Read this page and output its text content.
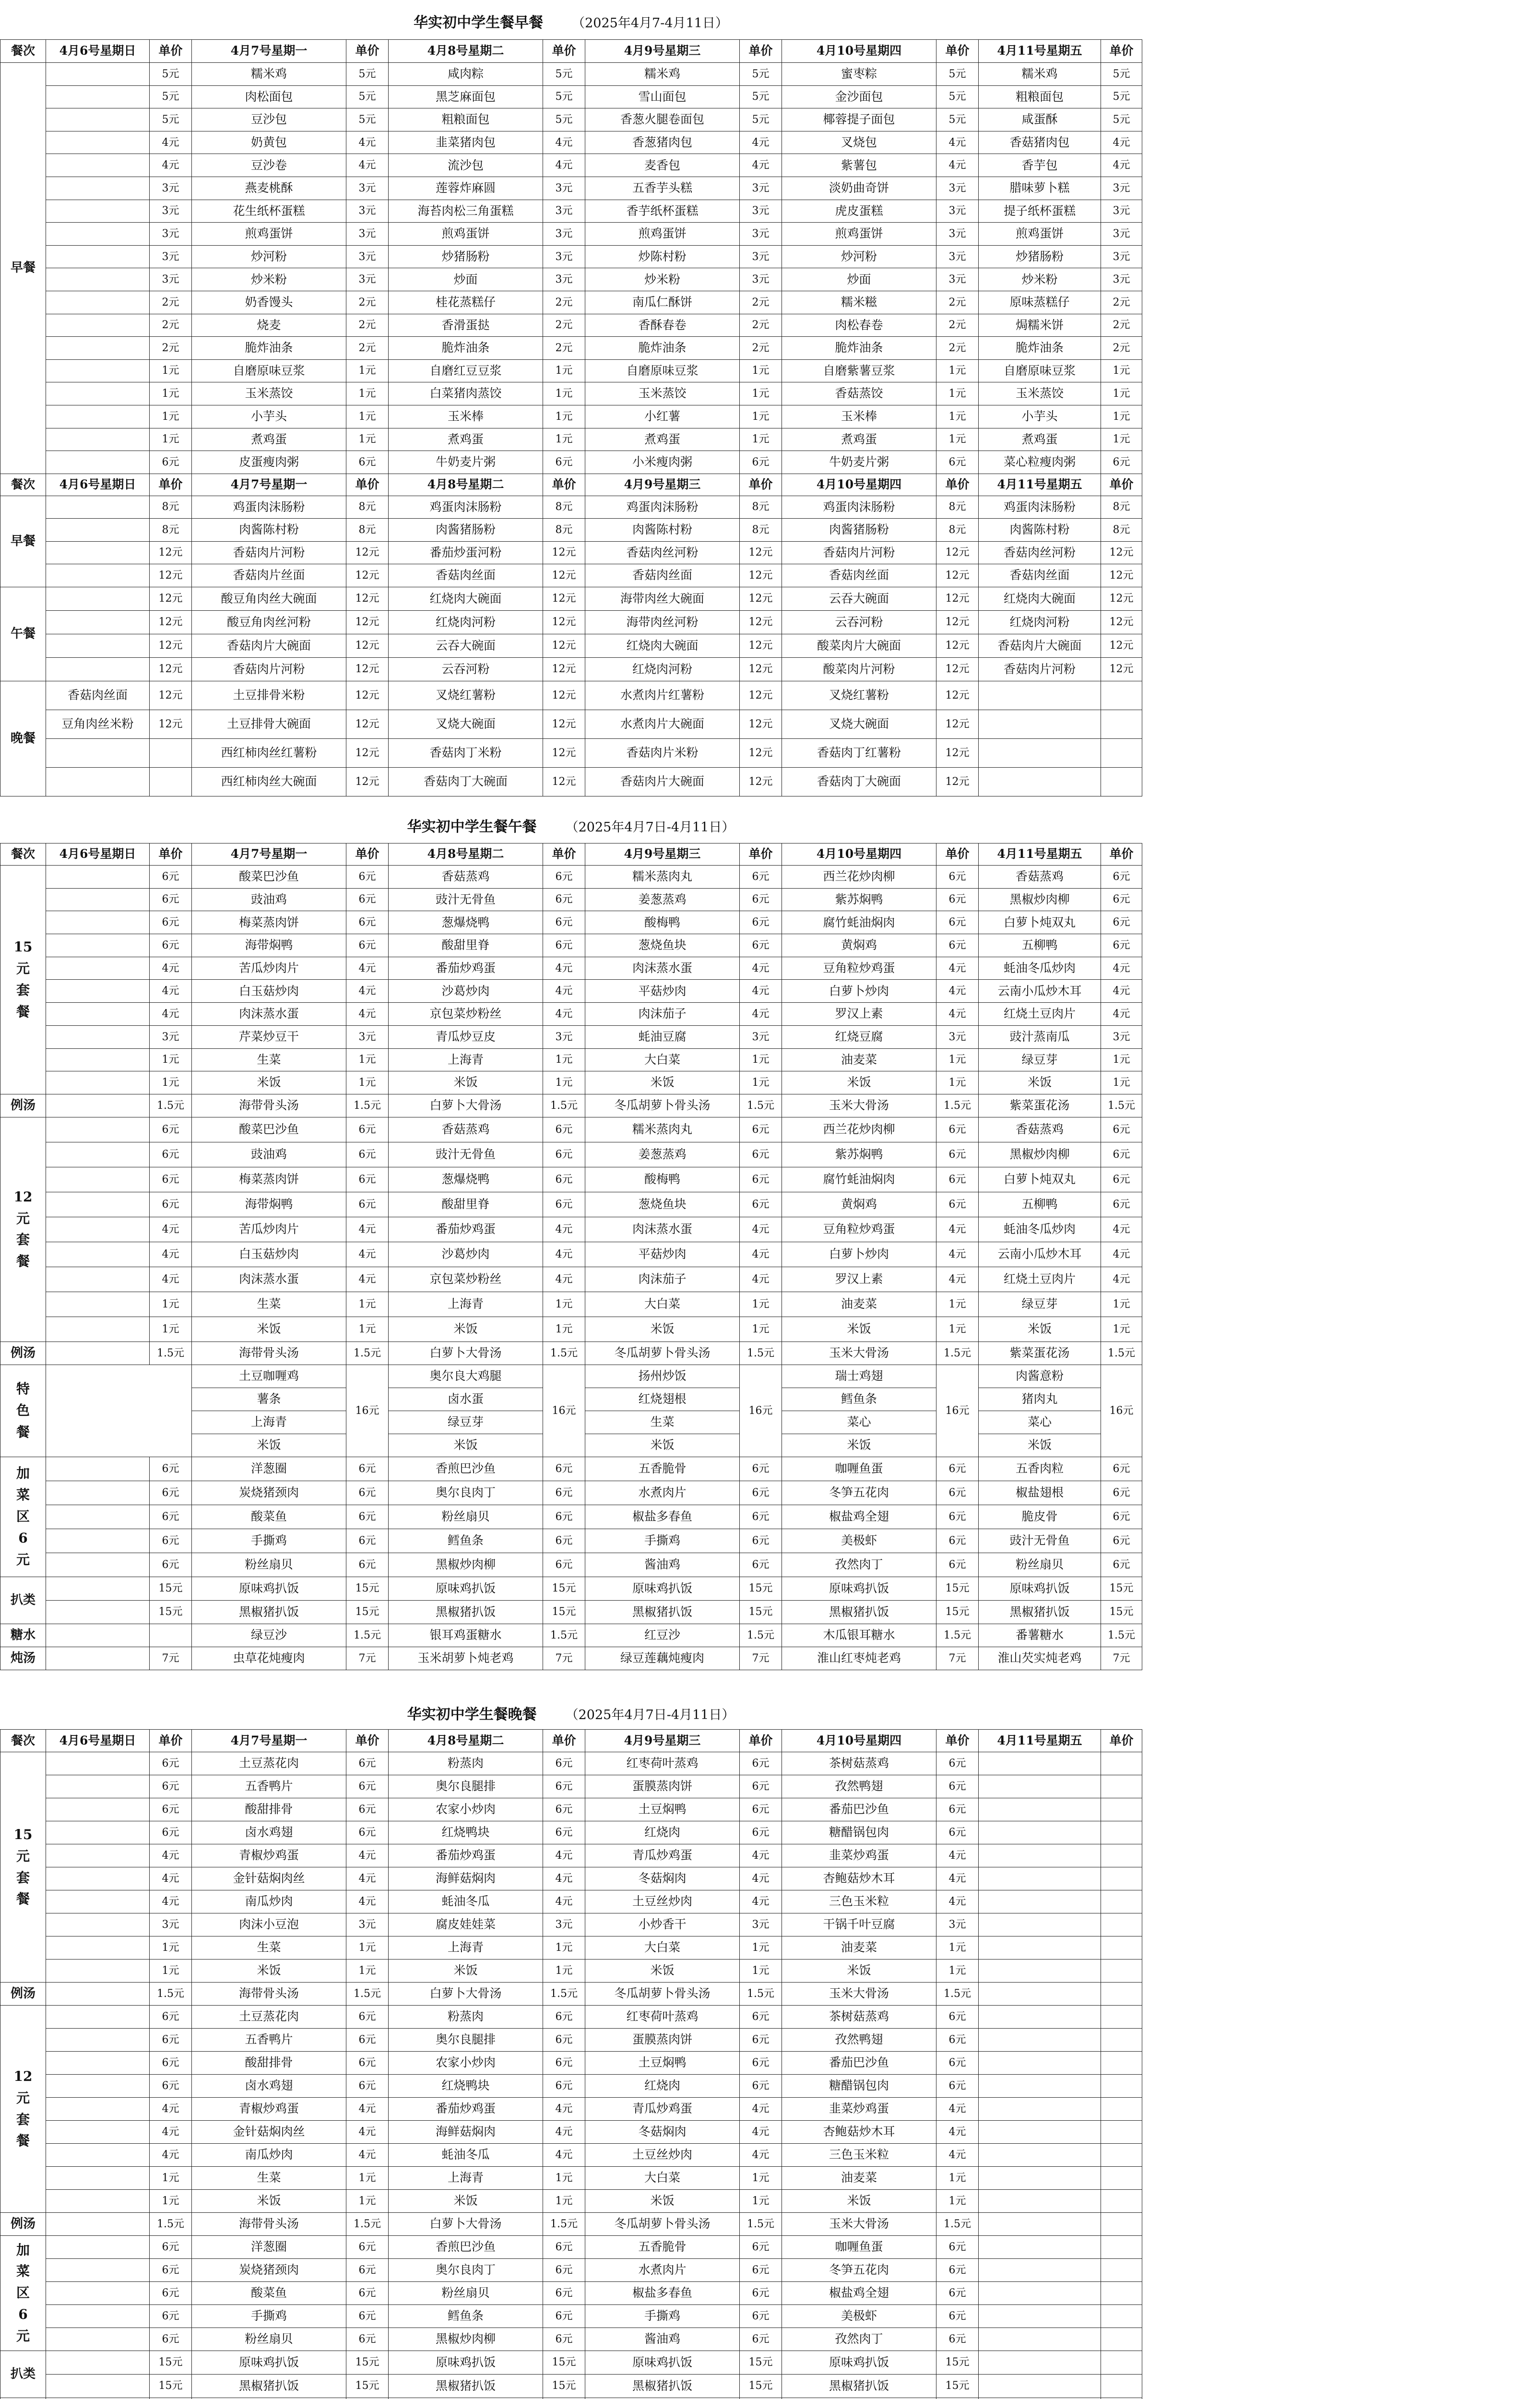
华实初中学生餐早餐 （2025年4月7-4月11日）
餐次	4月6号星期日	单价	4月7号星期一	单价	4月8号星期二	单价	4月9号星期三	单价	4月10号星期四	单价	4月11号星期五	单价
早餐		5元	糯米鸡	5元	咸肉粽	5元	糯米鸡	5元	蜜枣粽	5元	糯米鸡	5元
		5元	肉松面包	5元	黑芝麻面包	5元	雪山面包	5元	金沙面包	5元	粗粮面包	5元
		5元	豆沙包	5元	粗粮面包	5元	香葱火腿卷面包	5元	椰蓉提子面包	5元	咸蛋酥	5元
		4元	奶黄包	4元	韭菜猪肉包	4元	香葱猪肉包	4元	叉烧包	4元	香菇猪肉包	4元
		4元	豆沙卷	4元	流沙包	4元	麦香包	4元	紫薯包	4元	香芋包	4元
		3元	燕麦桃酥	3元	莲蓉炸麻圆	3元	五香芋头糕	3元	淡奶曲奇饼	3元	腊味萝卜糕	3元
		3元	花生纸杯蛋糕	3元	海苔肉松三角蛋糕	3元	香芋纸杯蛋糕	3元	虎皮蛋糕	3元	提子纸杯蛋糕	3元
		3元	煎鸡蛋饼	3元	煎鸡蛋饼	3元	煎鸡蛋饼	3元	煎鸡蛋饼	3元	煎鸡蛋饼	3元
		3元	炒河粉	3元	炒猪肠粉	3元	炒陈村粉	3元	炒河粉	3元	炒猪肠粉	3元
		3元	炒米粉	3元	炒面	3元	炒米粉	3元	炒面	3元	炒米粉	3元
		2元	奶香馒头	2元	桂花蒸糕仔	2元	南瓜仁酥饼	2元	糯米糍	2元	原味蒸糕仔	2元
		2元	烧麦	2元	香滑蛋挞	2元	香酥春卷	2元	肉松春卷	2元	焗糯米饼	2元
		2元	脆炸油条	2元	脆炸油条	2元	脆炸油条	2元	脆炸油条	2元	脆炸油条	2元
		1元	自磨原味豆浆	1元	自磨红豆豆浆	1元	自磨原味豆浆	1元	自磨紫薯豆浆	1元	自磨原味豆浆	1元
		1元	玉米蒸饺	1元	白菜猪肉蒸饺	1元	玉米蒸饺	1元	香菇蒸饺	1元	玉米蒸饺	1元
		1元	小芋头	1元	玉米棒	1元	小红薯	1元	玉米棒	1元	小芋头	1元
		1元	煮鸡蛋	1元	煮鸡蛋	1元	煮鸡蛋	1元	煮鸡蛋	1元	煮鸡蛋	1元
		6元	皮蛋瘦肉粥	6元	牛奶麦片粥	6元	小米瘦肉粥	6元	牛奶麦片粥	6元	菜心粒瘦肉粥	6元
餐次	4月6号星期日	单价	4月7号星期一	单价	4月8号星期二	单价	4月9号星期三	单价	4月10号星期四	单价	4月11号星期五	单价
早餐		8元	鸡蛋肉沫肠粉	8元	鸡蛋肉沫肠粉	8元	鸡蛋肉沫肠粉	8元	鸡蛋肉沫肠粉	8元	鸡蛋肉沫肠粉	8元
		8元	肉酱陈村粉	8元	肉酱猪肠粉	8元	肉酱陈村粉	8元	肉酱猪肠粉	8元	肉酱陈村粉	8元
		12元	香菇肉片河粉	12元	番茄炒蛋河粉	12元	香菇肉丝河粉	12元	香菇肉片河粉	12元	香菇肉丝河粉	12元
		12元	香菇肉片丝面	12元	香菇肉丝面	12元	香菇肉丝面	12元	香菇肉丝面	12元	香菇肉丝面	12元
午餐		12元	酸豆角肉丝大碗面	12元	红烧肉大碗面	12元	海带肉丝大碗面	12元	云吞大碗面	12元	红烧肉大碗面	12元
		12元	酸豆角肉丝河粉	12元	红烧肉河粉	12元	海带肉丝河粉	12元	云吞河粉	12元	红烧肉河粉	12元
		12元	香菇肉片大碗面	12元	云吞大碗面	12元	红烧肉大碗面	12元	酸菜肉片大碗面	12元	香菇肉片大碗面	12元
		12元	香菇肉片河粉	12元	云吞河粉	12元	红烧肉河粉	12元	酸菜肉片河粉	12元	香菇肉片河粉	12元
晚餐	香菇肉丝面	12元	土豆排骨米粉	12元	叉烧红薯粉	12元	水煮肉片红薯粉	12元	叉烧红薯粉	12元		
	豆角肉丝米粉	12元	土豆排骨大碗面	12元	叉烧大碗面	12元	水煮肉片大碗面	12元	叉烧大碗面	12元		
			西红柿肉丝红薯粉	12元	香菇肉丁米粉	12元	香菇肉片米粉	12元	香菇肉丁红薯粉	12元		
			西红柿肉丝大碗面	12元	香菇肉丁大碗面	12元	香菇肉片大碗面	12元	香菇肉丁大碗面	12元		
华实初中学生餐午餐 （2025年4月7日-4月11日）
餐次	4月6号星期日	单价	4月7号星期一	单价	4月8号星期二	单价	4月9号星期三	单价	4月10号星期四	单价	4月11号星期五	单价

15
元
套
餐		6元	酸菜巴沙鱼	6元	香菇蒸鸡	6元	糯米蒸肉丸	6元	西兰花炒肉柳	6元	香菇蒸鸡	6元
		6元	豉油鸡	6元	豉汁无骨鱼	6元	姜葱蒸鸡	6元	紫苏焖鸭	6元	黑椒炒肉柳	6元
		6元	梅菜蒸肉饼	6元	葱爆烧鸭	6元	酸梅鸭	6元	腐竹蚝油焖肉	6元	白萝卜炖双丸	6元
		6元	海带焖鸭	6元	酸甜里脊	6元	葱烧鱼块	6元	黄焖鸡	6元	五柳鸭	6元
		4元	苦瓜炒肉片	4元	番茄炒鸡蛋	4元	肉沫蒸水蛋	4元	豆角粒炒鸡蛋	4元	蚝油冬瓜炒肉	4元
		4元	白玉菇炒肉	4元	沙葛炒肉	4元	平菇炒肉	4元	白萝卜炒肉	4元	云南小瓜炒木耳	4元
		4元	肉沫蒸水蛋	4元	京包菜炒粉丝	4元	肉沫茄子	4元	罗汉上素	4元	红烧土豆肉片	4元
		3元	芹菜炒豆干	3元	青瓜炒豆皮	3元	蚝油豆腐	3元	红烧豆腐	3元	豉汁蒸南瓜	3元
		1元	生菜	1元	上海青	1元	大白菜	1元	油麦菜	1元	绿豆芽	1元
		1元	米饭	1元	米饭	1元	米饭	1元	米饭	1元	米饭	1元
例汤		1.5元	海带骨头汤	1.5元	白萝卜大骨汤	1.5元	冬瓜胡萝卜骨头汤	1.5元	玉米大骨汤	1.5元	紫菜蛋花汤	1.5元

12
元
套
餐		6元	酸菜巴沙鱼	6元	香菇蒸鸡	6元	糯米蒸肉丸	6元	西兰花炒肉柳	6元	香菇蒸鸡	6元
		6元	豉油鸡	6元	豉汁无骨鱼	6元	姜葱蒸鸡	6元	紫苏焖鸭	6元	黑椒炒肉柳	6元
		6元	梅菜蒸肉饼	6元	葱爆烧鸭	6元	酸梅鸭	6元	腐竹蚝油焖肉	6元	白萝卜炖双丸	6元
		6元	海带焖鸭	6元	酸甜里脊	6元	葱烧鱼块	6元	黄焖鸡	6元	五柳鸭	6元
		4元	苦瓜炒肉片	4元	番茄炒鸡蛋	4元	肉沫蒸水蛋	4元	豆角粒炒鸡蛋	4元	蚝油冬瓜炒肉	4元
		4元	白玉菇炒肉	4元	沙葛炒肉	4元	平菇炒肉	4元	白萝卜炒肉	4元	云南小瓜炒木耳	4元
		4元	肉沫蒸水蛋	4元	京包菜炒粉丝	4元	肉沫茄子	4元	罗汉上素	4元	红烧土豆肉片	4元
		1元	生菜	1元	上海青	1元	大白菜	1元	油麦菜	1元	绿豆芽	1元
		1元	米饭	1元	米饭	1元	米饭	1元	米饭	1元	米饭	1元
例汤		1.5元	海带骨头汤	1.5元	白萝卜大骨汤	1.5元	冬瓜胡萝卜骨头汤	1.5元	玉米大骨汤	1.5元	紫菜蛋花汤	1.5元

特
色
餐			土豆咖喱鸡	16元	奥尔良大鸡腿	16元	扬州炒饭	16元	瑞士鸡翅	16元	肉酱意粉	16元
			薯条		卤水蛋		红烧翅根		鳕鱼条		猪肉丸	
			上海青		绿豆芽		生菜		菜心		菜心	
			米饭		米饭		米饭		米饭		米饭	

加
菜
区
6
元		6元	洋葱圈	6元	香煎巴沙鱼	6元	五香脆骨	6元	咖喱鱼蛋	6元	五香肉粒	6元
		6元	炭烧猪颈肉	6元	奥尔良肉丁	6元	水煮肉片	6元	冬笋五花肉	6元	椒盐翅根	6元
		6元	酸菜鱼	6元	粉丝扇贝	6元	椒盐多春鱼	6元	椒盐鸡全翅	6元	脆皮骨	6元
		6元	手撕鸡	6元	鳕鱼条	6元	手撕鸡	6元	美极虾	6元	豉汁无骨鱼	6元
		6元	粉丝扇贝	6元	黑椒炒肉柳	6元	酱油鸡	6元	孜然肉丁	6元	粉丝扇贝	6元
扒类		15元	原味鸡扒饭	15元	原味鸡扒饭	15元	原味鸡扒饭	15元	原味鸡扒饭	15元	原味鸡扒饭	15元
		15元	黑椒猪扒饭	15元	黑椒猪扒饭	15元	黑椒猪扒饭	15元	黑椒猪扒饭	15元	黑椒猪扒饭	15元
糖水			绿豆沙	1.5元	银耳鸡蛋糖水	1.5元	红豆沙	1.5元	木瓜银耳糖水	1.5元	番薯糖水	1.5元
炖汤		7元	虫草花炖瘦肉	7元	玉米胡萝卜炖老鸡	7元	绿豆莲藕炖瘦肉	7元	淮山红枣炖老鸡	7元	淮山芡实炖老鸡	7元
华实初中学生餐晚餐 （2025年4月7日-4月11日）
餐次	4月6号星期日	单价	4月7号星期一	单价	4月8号星期二	单价	4月9号星期三	单价	4月10号星期四	单价	4月11号星期五	单价

15
元
套
餐		6元	土豆蒸花肉	6元	粉蒸肉	6元	红枣荷叶蒸鸡	6元	茶树菇蒸鸡	6元		
		6元	五香鸭片	6元	奥尔良腿排	6元	蛋膜蒸肉饼	6元	孜然鸭翅	6元		
		6元	酸甜排骨	6元	农家小炒肉	6元	土豆焖鸭	6元	番茄巴沙鱼	6元		
		6元	卤水鸡翅	6元	红烧鸭块	6元	红烧肉	6元	糖醋锅包肉	6元		
		4元	青椒炒鸡蛋	4元	番茄炒鸡蛋	4元	青瓜炒鸡蛋	4元	韭菜炒鸡蛋	4元		
		4元	金针菇焖肉丝	4元	海鲜菇焖肉	4元	冬菇焖肉	4元	杏鲍菇炒木耳	4元		
		4元	南瓜炒肉	4元	蚝油冬瓜	4元	土豆丝炒肉	4元	三色玉米粒	4元		
		3元	肉沫小豆泡	3元	腐皮娃娃菜	3元	小炒香干	3元	干锅千叶豆腐	3元		
		1元	生菜	1元	上海青	1元	大白菜	1元	油麦菜	1元		
		1元	米饭	1元	米饭	1元	米饭	1元	米饭	1元		
例汤		1.5元	海带骨头汤	1.5元	白萝卜大骨汤	1.5元	冬瓜胡萝卜骨头汤	1.5元	玉米大骨汤	1.5元		

12
元
套
餐		6元	土豆蒸花肉	6元	粉蒸肉	6元	红枣荷叶蒸鸡	6元	茶树菇蒸鸡	6元		
		6元	五香鸭片	6元	奥尔良腿排	6元	蛋膜蒸肉饼	6元	孜然鸭翅	6元		
		6元	酸甜排骨	6元	农家小炒肉	6元	土豆焖鸭	6元	番茄巴沙鱼	6元		
		6元	卤水鸡翅	6元	红烧鸭块	6元	红烧肉	6元	糖醋锅包肉	6元		
		4元	青椒炒鸡蛋	4元	番茄炒鸡蛋	4元	青瓜炒鸡蛋	4元	韭菜炒鸡蛋	4元		
		4元	金针菇焖肉丝	4元	海鲜菇焖肉	4元	冬菇焖肉	4元	杏鲍菇炒木耳	4元		
		4元	南瓜炒肉	4元	蚝油冬瓜	4元	土豆丝炒肉	4元	三色玉米粒	4元		
		1元	生菜	1元	上海青	1元	大白菜	1元	油麦菜	1元		
		1元	米饭	1元	米饭	1元	米饭	1元	米饭	1元		
例汤		1.5元	海带骨头汤	1.5元	白萝卜大骨汤	1.5元	冬瓜胡萝卜骨头汤	1.5元	玉米大骨汤	1.5元		

加
菜
区
6
元		6元	洋葱圈	6元	香煎巴沙鱼	6元	五香脆骨	6元	咖喱鱼蛋	6元		
		6元	炭烧猪颈肉	6元	奥尔良肉丁	6元	水煮肉片	6元	冬笋五花肉	6元		
		6元	酸菜鱼	6元	粉丝扇贝	6元	椒盐多春鱼	6元	椒盐鸡全翅	6元		
		6元	手撕鸡	6元	鳕鱼条	6元	手撕鸡	6元	美极虾	6元		
		6元	粉丝扇贝	6元	黑椒炒肉柳	6元	酱油鸡	6元	孜然肉丁	6元		
扒类		15元	原味鸡扒饭	15元	原味鸡扒饭	15元	原味鸡扒饭	15元	原味鸡扒饭	15元		
		15元	黑椒猪扒饭	15元	黑椒猪扒饭	15元	黑椒猪扒饭	15元	黑椒猪扒饭	15元		
